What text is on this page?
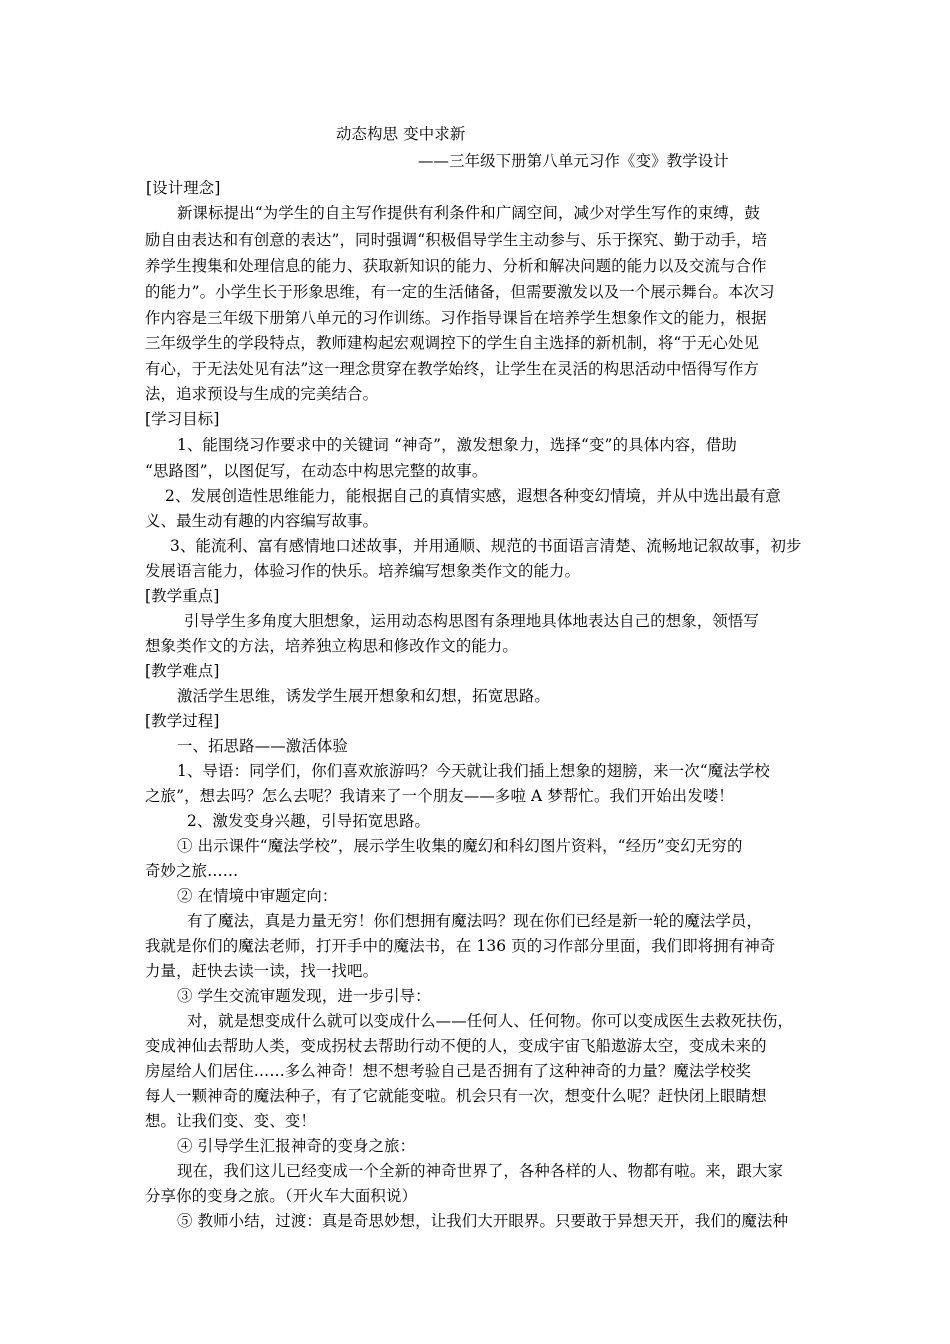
动态构思 变中求新
——三年级下册第八单元习作《变》教学设计
[设计理念]
新课标提出“为学生的自主写作提供有利条件和广阔空间，减少对学生写作的束缚，鼓
励自由表达和有创意的表达”，同时强调“积极倡导学生主动参与、乐于探究、勤于动手，培
养学生搜集和处理信息的能力、获取新知识的能力、分析和解决问题的能力以及交流与合作
的能力”。小学生长于形象思维，有一定的生活储备，但需要激发以及一个展示舞台。本次习
作内容是三年级下册第八单元的习作训练。习作指导课旨在培养学生想象作文的能力，根据
三年级学生的学段特点，教师建构起宏观调控下的学生自主选择的新机制，将“于无心处见
有心，于无法处见有法”这一理念贯穿在教学始终，让学生在灵活的构思活动中悟得写作方
法，追求预设与生成的完美结合。
[学习目标]
1、能围绕习作要求中的关键词 “神奇”，激发想象力，选择“变”的具体内容，借助
“思路图”，以图促写，在动态中构思完整的故事。
2、发展创造性思维能力，能根据自己的真情实感，遐想各种变幻情境，并从中选出最有意
义、最生动有趣的内容编写故事。
3、能流利、富有感情地口述故事，并用通顺、规范的书面语言清楚、流畅地记叙故事，初步
发展语言能力，体验习作的快乐。培养编写想象类作文的能力。
[教学重点]
引导学生多角度大胆想象，运用动态构思图有条理地具体地表达自己的想象，领悟写
想象类作文的方法，培养独立构思和修改作文的能力。
[教学难点]
激活学生思维，诱发学生展开想象和幻想，拓宽思路。
[教学过程]
一、拓思路——激活体验
1、导语：同学们，你们喜欢旅游吗？今天就让我们插上想象的翅膀，来一次“魔法学校
之旅”，想去吗？怎么去呢？我请来了一个朋友——多啦 A 梦帮忙。我们开始出发喽！
2、激发变身兴趣，引导拓宽思路。
① 出示课件“魔法学校”，展示学生收集的魔幻和科幻图片资料，“经历”变幻无穷的
奇妙之旅……
② 在情境中审题定向：
有了魔法，真是力量无穷！你们想拥有魔法吗？现在你们已经是新一轮的魔法学员，
我就是你们的魔法老师，打开手中的魔法书，在 136 页的习作部分里面，我们即将拥有神奇
力量，赶快去读一读，找一找吧。
③ 学生交流审题发现，进一步引导：
对，就是想变成什么就可以变成什么——任何人、任何物。你可以变成医生去救死扶伤，
变成神仙去帮助人类，变成拐杖去帮助行动不便的人，变成宇宙飞船遨游太空，变成未来的
房屋给人们居住……多么神奇！想不想考验自己是否拥有了这种神奇的力量？魔法学校奖
每人一颗神奇的魔法种子，有了它就能变啦。机会只有一次，想变什么呢？赶快闭上眼睛想
想。让我们变、变、变！
④ 引导学生汇报神奇的变身之旅：
现在，我们这儿已经变成一个全新的神奇世界了，各种各样的人、物都有啦。来，跟大家
分享你的变身之旅。（开火车大面积说）
⑤ 教师小结，过渡：真是奇思妙想，让我们大开眼界。只要敢于异想天开，我们的魔法种
